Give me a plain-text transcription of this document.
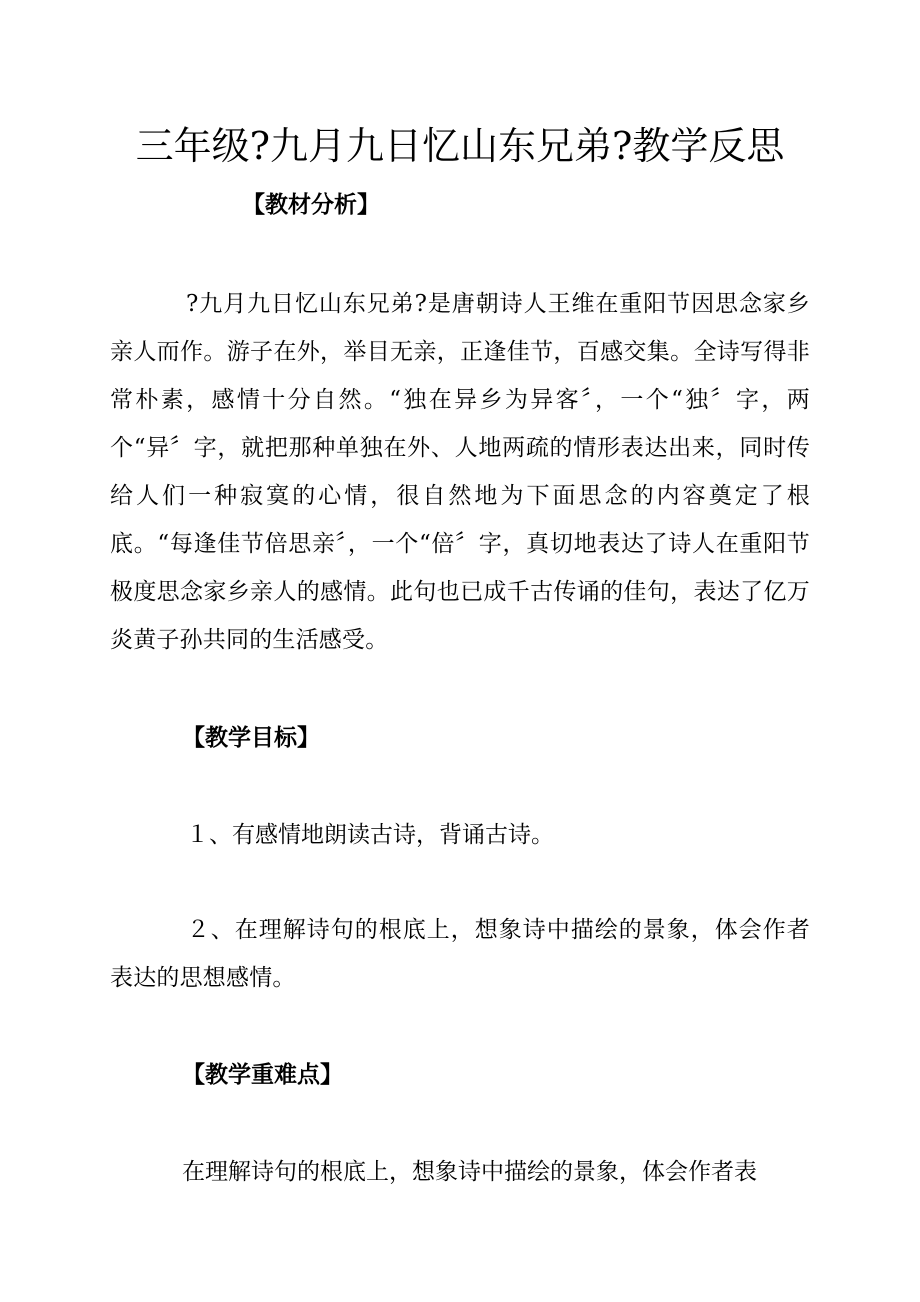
三年级?九月九日忆山东兄弟?教学反思
【教材分析】

?九月九日忆山东兄弟?是唐朝诗人王维在重阳节因思念家乡亲人而作。游子在外，举目无亲，正逢佳节，百感交集。全诗写得非常朴素，感情十分自然。“独在异乡为异客〞，一个“独〞字，两个“异〞字，就把那种单独在外、人地两疏的情形表达出来，同时传给人们一种寂寞的心情，很自然地为下面思念的内容奠定了根底。“每逢佳节倍思亲〞，一个“倍〞字，真切地表达了诗人在重阳节极度思念家乡亲人的感情。此句也已成千古传诵的佳句，表达了亿万炎黄子孙共同的生活感受。

【教学目标】
１、有感情地朗读古诗，背诵古诗。

２、在理解诗句的根底上，想象诗中描绘的景象，体会作者表达的思想感情。

【教学重难点】
在理解诗句的根底上，想象诗中描绘的景象，体会作者表
